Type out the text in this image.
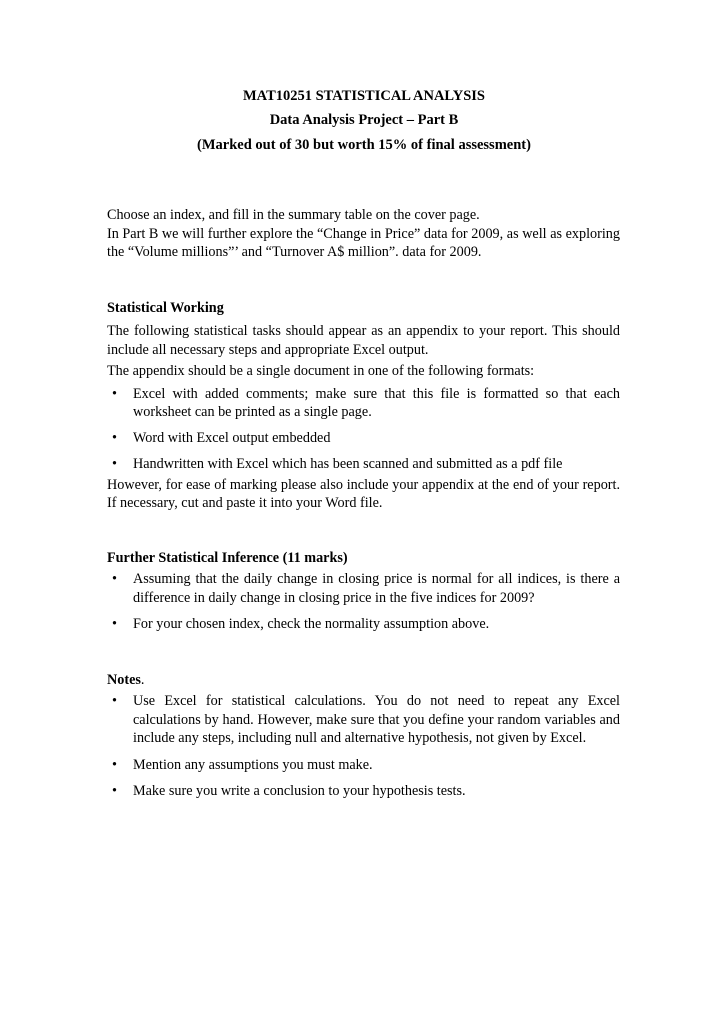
MAT10251 STATISTICAL ANALYSIS
Data Analysis Project – Part B
(Marked out of 30 but worth 15% of final assessment)

Choose an index, and fill in the summary table on the cover page.

In Part B we will further explore the “Change in Price” data for 2009, as well as exploring the “Volume millions”’ and “Turnover A$ million”. data for 2009.

Statistical Working

The following statistical tasks should appear as an appendix to your report. This should include all necessary steps and appropriate Excel output.

The appendix should be a single document in one of the following formats:

• Excel with added comments; make sure that this file is formatted so that each worksheet can be printed as a single page.
• Word with Excel output embedded
• Handwritten with Excel which has been scanned and submitted as a pdf file

However, for ease of marking please also include your appendix at the end of your report. If necessary, cut and paste it into your Word file.

Further Statistical Inference (11 marks)

• Assuming that the daily change in closing price is normal for all indices, is there a difference in daily change in closing price in the five indices for 2009?
• For your chosen index, check the normality assumption above.

Notes.

• Use Excel for statistical calculations. You do not need to repeat any Excel calculations by hand. However, make sure that you define your random variables and include any steps, including null and alternative hypothesis, not given by Excel.
• Mention any assumptions you must make.
• Make sure you write a conclusion to your hypothesis tests.
